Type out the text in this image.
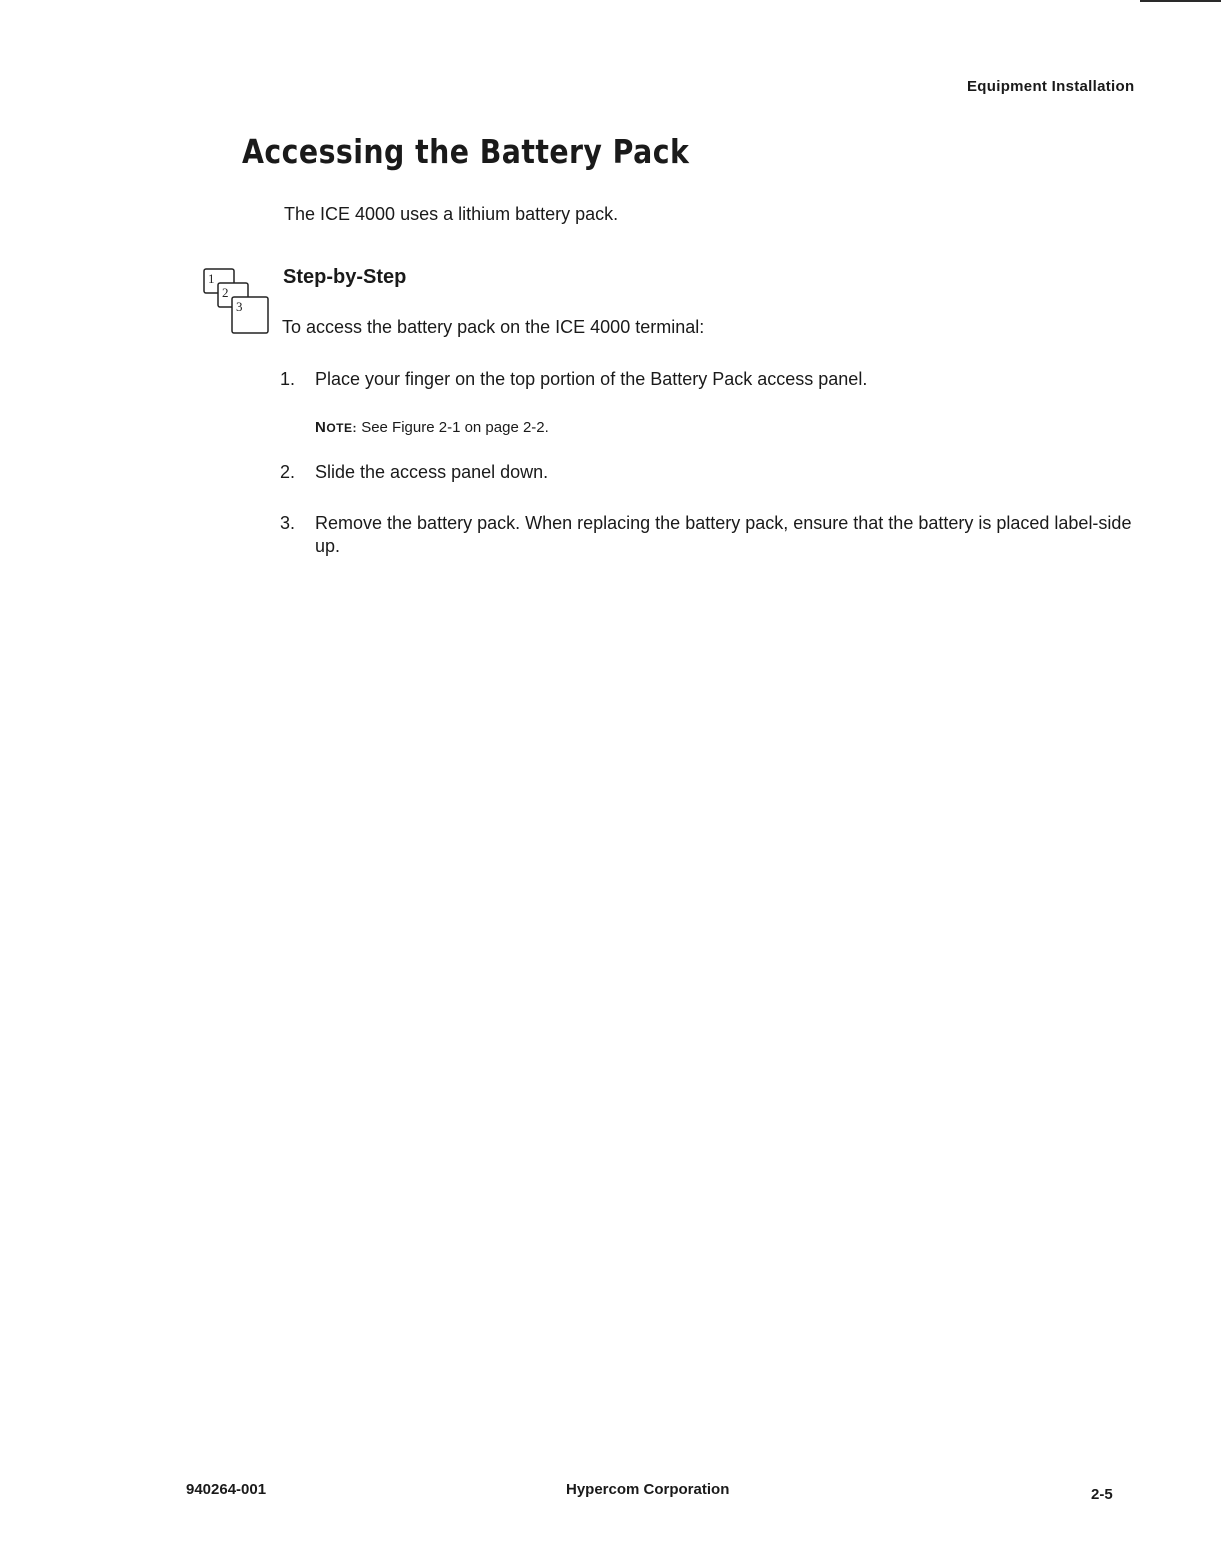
Equipment Installation
Accessing the Battery Pack

The ICE 4000 uses a lithium battery pack.

1
2
3
Step-by-Step

To access the battery pack on the ICE 4000 terminal:

1. Place your finger on the top portion of the Battery Pack access panel.
NOTE: See Figure 2-1 on page 2-2.
2. Slide the access panel down.
3. Remove the battery pack. When replacing the battery pack, ensure that the battery is placed label-side up.
940264-001	Hypercom Corporation	2-5
